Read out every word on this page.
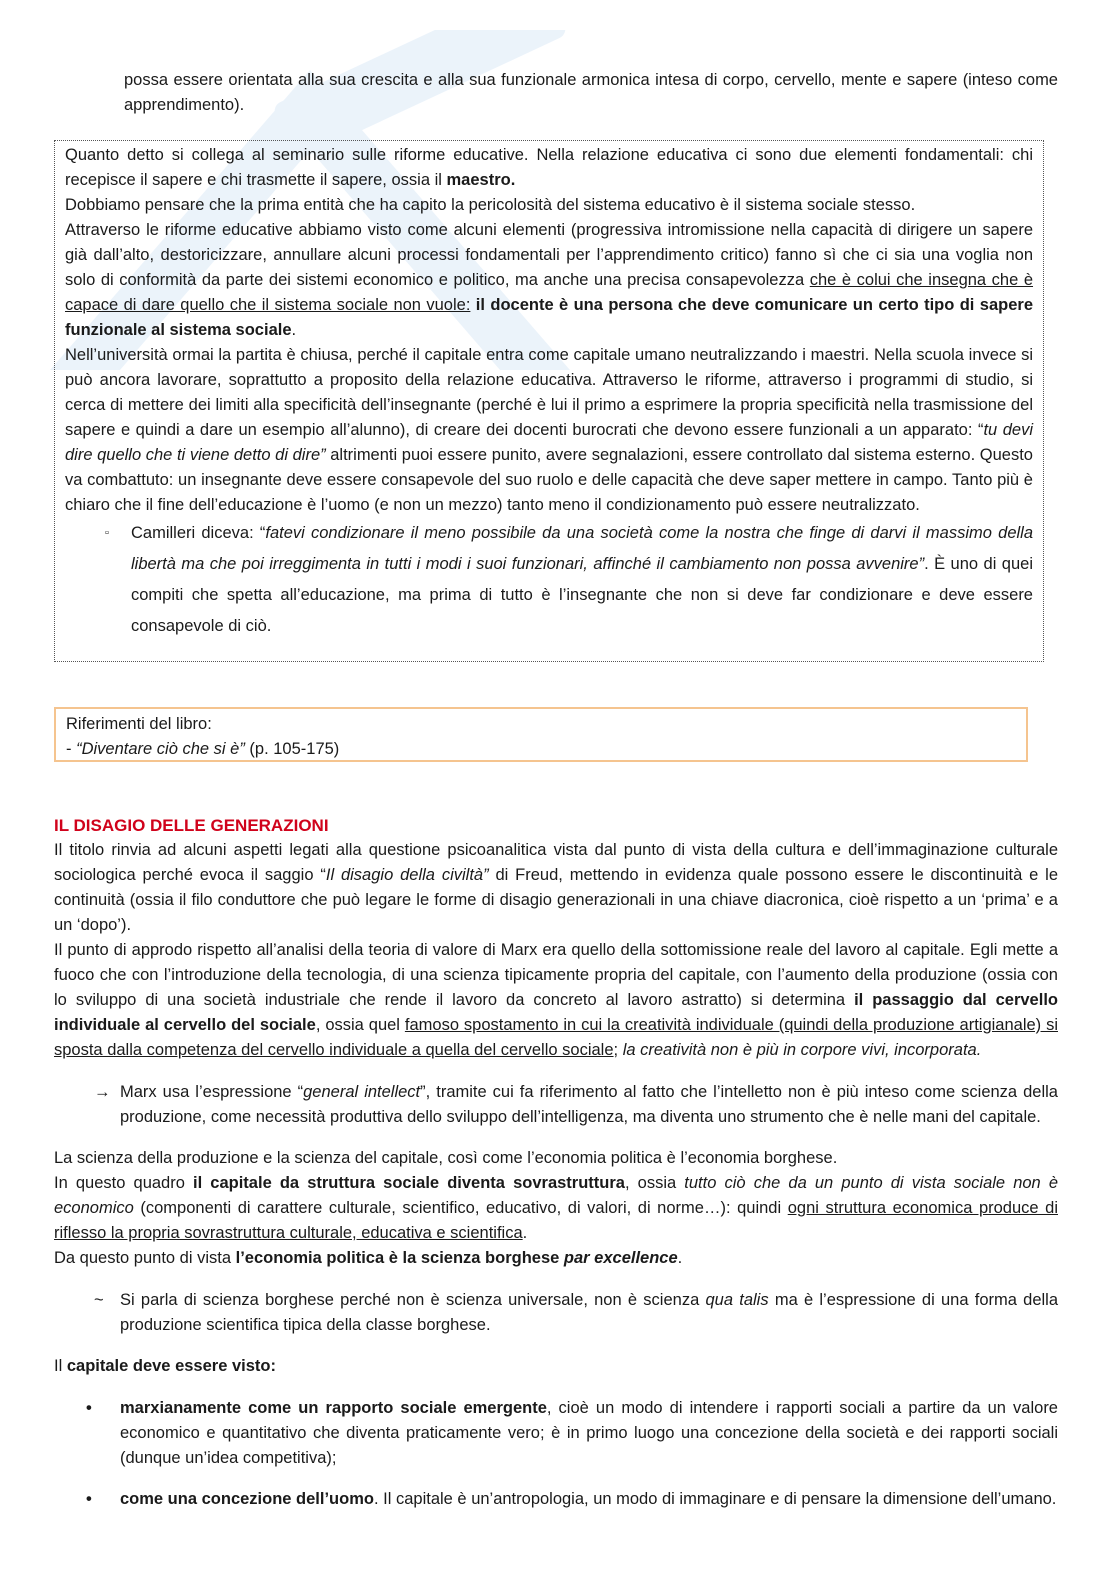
possa essere orientata alla sua crescita e alla sua funzionale armonica intesa di corpo, cervello, mente e sapere (inteso come apprendimento).

Quanto detto si collega al seminario sulle riforme educative. Nella relazione educativa ci sono due elementi fondamentali: chi recepisce il sapere e chi trasmette il sapere, ossia il maestro.

Dobbiamo pensare che la prima entità che ha capito la pericolosità del sistema educativo è il sistema sociale stesso.

Attraverso le riforme educative abbiamo visto come alcuni elementi (progressiva intromissione nella capacità di dirigere un sapere già dall’alto, destoricizzare, annullare alcuni processi fondamentali per l’apprendimento critico) fanno sì che ci sia una voglia non solo di conformità da parte dei sistemi economico e politico, ma anche una precisa consapevolezza che è colui che insegna che è capace di dare quello che il sistema sociale non vuole: il docente è una persona che deve comunicare un certo tipo di sapere funzionale al sistema sociale.

Nell’università ormai la partita è chiusa, perché il capitale entra come capitale umano neutralizzando i maestri. Nella scuola invece si può ancora lavorare, soprattutto a proposito della relazione educativa. Attraverso le riforme, attraverso i programmi di studio, si cerca di mettere dei limiti alla specificità dell’insegnante (perché è lui il primo a esprimere la propria specificità nella trasmissione del sapere e quindi a dare un esempio all’alunno), di creare dei docenti burocrati che devono essere funzionali a un apparato: “tu devi dire quello che ti viene detto di dire” altrimenti puoi essere punito, avere segnalazioni, essere controllato dal sistema esterno. Questo va combattuto: un insegnante deve essere consapevole del suo ruolo e delle capacità che deve saper mettere in campo. Tanto più è chiaro che il fine dell’educazione è l’uomo (e non un mezzo) tanto meno il condizionamento può essere neutralizzato.

▫ Camilleri diceva: “fatevi condizionare il meno possibile da una società come la nostra che finge di darvi il massimo della libertà ma che poi irreggimenta in tutti i modi i suoi funzionari, affinché il cambiamento non possa avvenire”. È uno di quei compiti che spetta all’educazione, ma prima di tutto è l’insegnante che non si deve far condizionare e deve essere consapevole di ciò.

Riferimenti del libro:
- “Diventare ciò che si è” (p. 105-175)

IL DISAGIO DELLE GENERAZIONI

Il titolo rinvia ad alcuni aspetti legati alla questione psicoanalitica vista dal punto di vista della cultura e dell’immaginazione culturale sociologica perché evoca il saggio “Il disagio della civiltà” di Freud, mettendo in evidenza quale possono essere le discontinuità e le continuità (ossia il filo conduttore che può legare le forme di disagio generazionali in una chiave diacronica, cioè rispetto a un ‘prima’ e a un ‘dopo’).

Il punto di approdo rispetto all’analisi della teoria di valore di Marx era quello della sottomissione reale del lavoro al capitale. Egli mette a fuoco che con l’introduzione della tecnologia, di una scienza tipicamente propria del capitale, con l’aumento della produzione (ossia con lo sviluppo di una società industriale che rende il lavoro da concreto al lavoro astratto) si determina il passaggio dal cervello individuale al cervello del sociale, ossia quel famoso spostamento in cui la creatività individuale (quindi della produzione artigianale) si sposta dalla competenza del cervello individuale a quella del cervello sociale; la creatività non è più in corpore vivi, incorporata.

→ Marx usa l’espressione “general intellect”, tramite cui fa riferimento al fatto che l’intelletto non è più inteso come scienza della produzione, come necessità produttiva dello sviluppo dell’intelligenza, ma diventa uno strumento che è nelle mani del capitale.

La scienza della produzione e la scienza del capitale, così come l’economia politica è l’economia borghese.

In questo quadro il capitale da struttura sociale diventa sovrastruttura, ossia tutto ciò che da un punto di vista sociale non è economico (componenti di carattere culturale, scientifico, educativo, di valori, di norme…): quindi ogni struttura economica produce di riflesso la propria sovrastruttura culturale, educativa e scientifica.

Da questo punto di vista l’economia politica è la scienza borghese par excellence.

~ Si parla di scienza borghese perché non è scienza universale, non è scienza qua talis ma è l’espressione di una forma della produzione scientifica tipica della classe borghese.

Il capitale deve essere visto:

• marxianamente come un rapporto sociale emergente, cioè un modo di intendere i rapporti sociali a partire da un valore economico e quantitativo che diventa praticamente vero; è in primo luogo una concezione della società e dei rapporti sociali (dunque un’idea competitiva);

• come una concezione dell’uomo. Il capitale è un’antropologia, un modo di immaginare e di pensare la dimensione dell’umano.
